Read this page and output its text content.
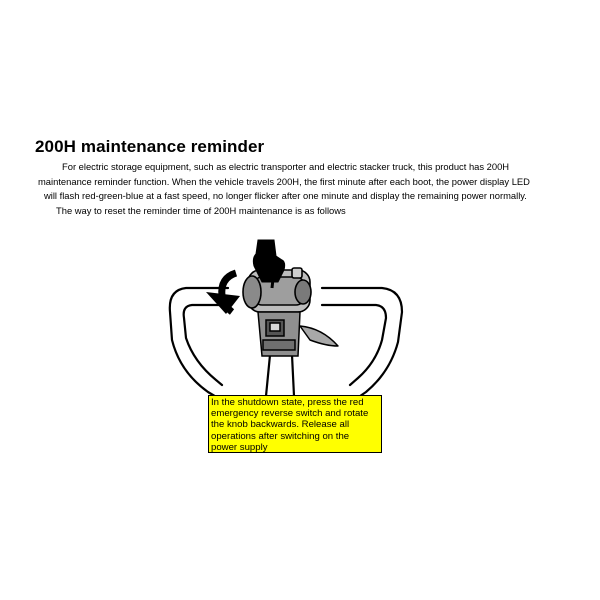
200H maintenance reminder
For electric storage equipment, such as electric transporter and electric stacker truck, this product has 200H
maintenance reminder function. When the vehicle travels 200H, the first minute after each boot, the power display LED
will flash red-green-blue at a fast speed, no longer flicker after one minute and display the remaining power normally.
The way to reset the reminder time of 200H maintenance is as follows
In the shutdown state, press the red
emergency reverse switch and rotate
the knob backwards. Release all
operations after switching on the
power supply
